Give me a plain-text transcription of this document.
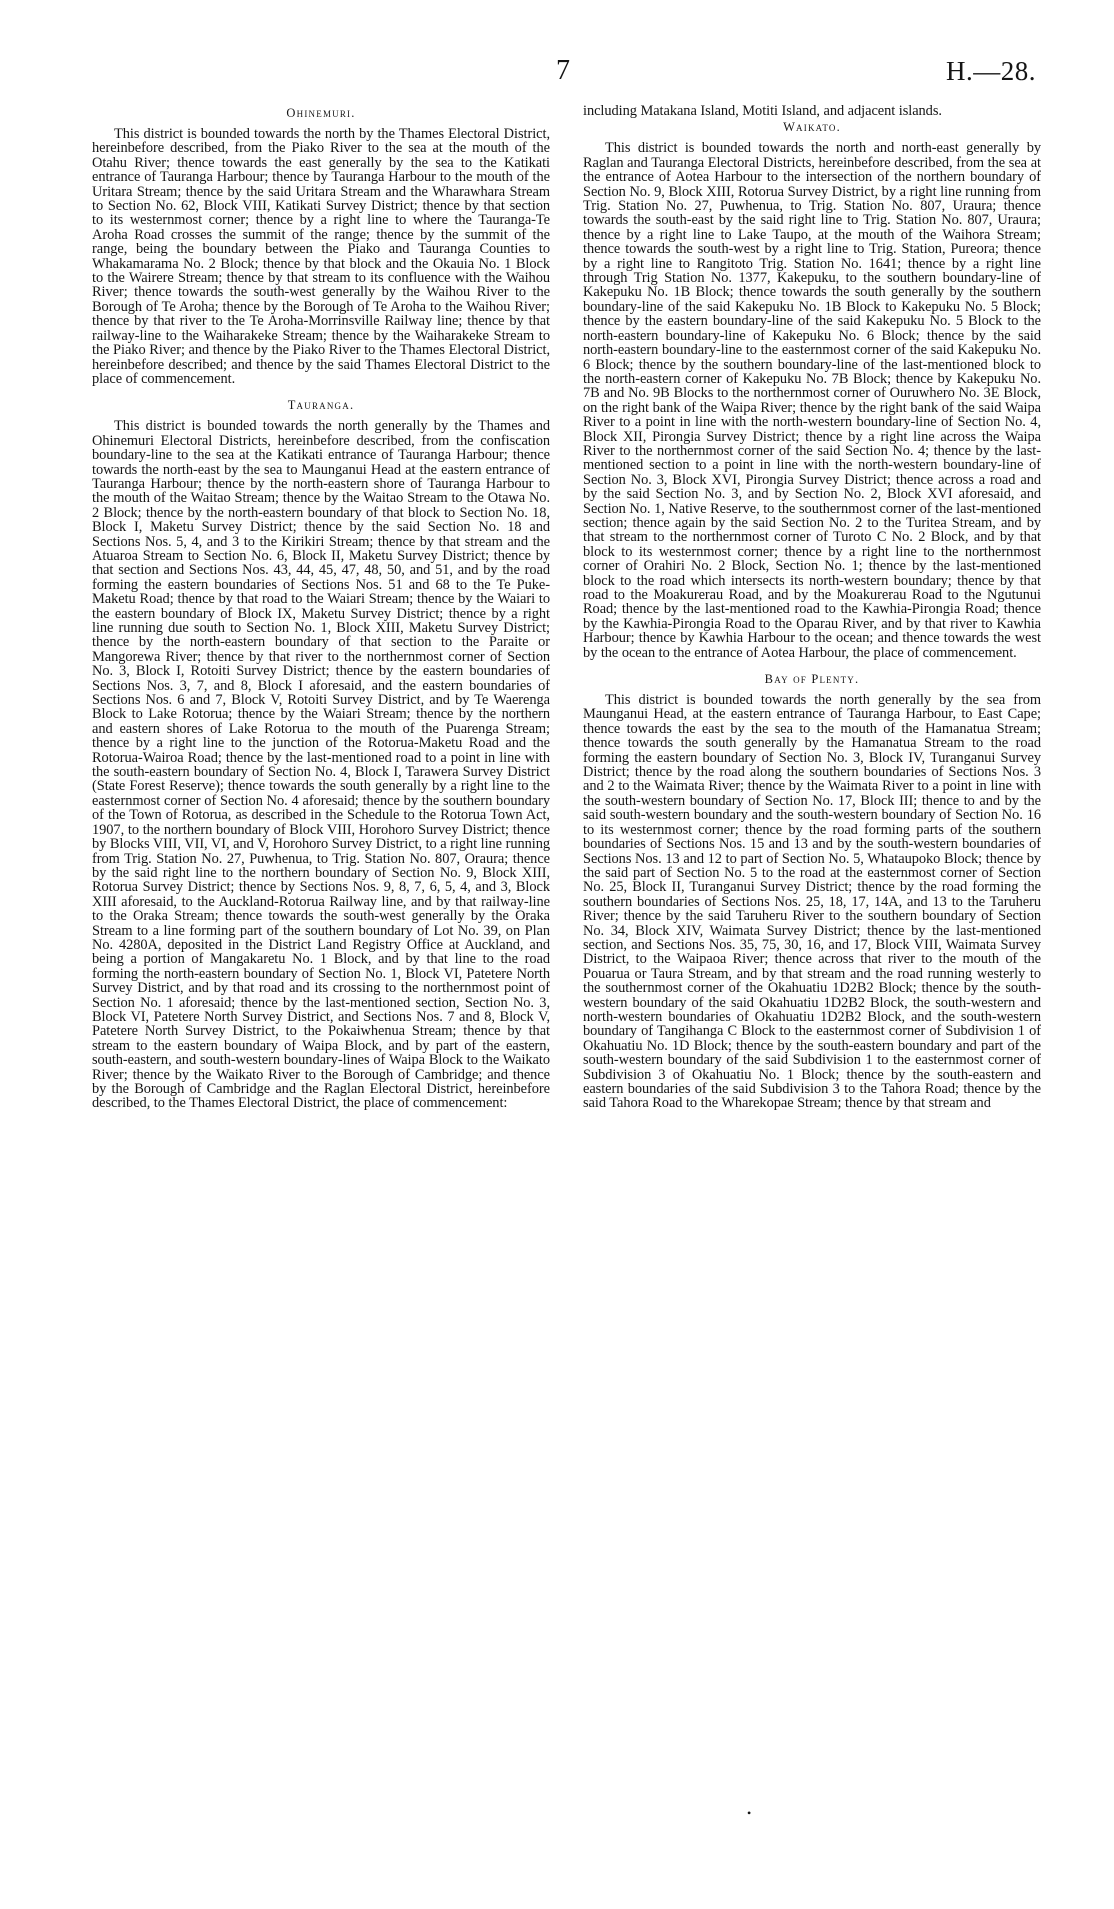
7	H.—28.
Ohinemuri.

This district is bounded towards the north by the Thames Electoral District, hereinbefore described, from the Piako River to the sea at the mouth of the Otahu River; thence towards the east generally by the sea to the Katikati entrance of Tauranga Harbour; thence by Tauranga Harbour to the mouth of the Uritara Stream; thence by the said Uritara Stream and the Wharawhara Stream to Section No. 62, Block VIII, Katikati Survey District; thence by that section to its westernmost corner; thence by a right line to where the Tauranga-Te Aroha Road crosses the summit of the range; thence by the summit of the range, being the boundary between the Piako and Tauranga Counties to Whakamarama No. 2 Block; thence by that block and the Okauia No. 1 Block to the Wairere Stream; thence by that stream to its confluence with the Waihou River; thence towards the south-west generally by the Waihou River to the Borough of Te Aroha; thence by the Borough of Te Aroha to the Waihou River; thence by that river to the Te Aroha-Morrinsville Railway line; thence by that railway-line to the Waiharakeke Stream; thence by the Waiharakeke Stream to the Piako River; and thence by the Piako River to the Thames Electoral District, hereinbefore described; and thence by the said Thames Electoral District to the place of commencement.

Tauranga.

This district is bounded towards the north generally by the Thames and Ohinemuri Electoral Districts, hereinbefore described, from the confiscation boundary-line to the sea at the Katikati entrance of Tauranga Harbour; thence towards the north-east by the sea to Maunganui Head at the eastern entrance of Tauranga Harbour; thence by the north-eastern shore of Tauranga Harbour to the mouth of the Waitao Stream; thence by the Waitao Stream to the Otawa No. 2 Block; thence by the north-eastern boundary of that block to Section No. 18, Block I, Maketu Survey District; thence by the said Section No. 18 and Sections Nos. 5, 4, and 3 to the Kirikiri Stream; thence by that stream and the Atuaroa Stream to Section No. 6, Block II, Maketu Survey District; thence by that section and Sections Nos. 43, 44, 45, 47, 48, 50, and 51, and by the road forming the eastern boundaries of Sections Nos. 51 and 68 to the Te Puke-Maketu Road; thence by that road to the Waiari Stream; thence by the Waiari to the eastern boundary of Block IX, Maketu Survey District; thence by a right line running due south to Section No. 1, Block XIII, Maketu Survey District; thence by the north-eastern boundary of that section to the Paraite or Mangorewa River; thence by that river to the northernmost corner of Section No. 3, Block I, Rotoiti Survey District; thence by the eastern boundaries of Sections Nos. 3, 7, and 8, Block I aforesaid, and the eastern boundaries of Sections Nos. 6 and 7, Block V, Rotoiti Survey District, and by Te Waerenga Block to Lake Rotorua; thence by the Waiari Stream; thence by the northern and eastern shores of Lake Rotorua to the mouth of the Puarenga Stream; thence by a right line to the junction of the Rotorua-Maketu Road and the Rotorua-Wairoa Road; thence by the last-mentioned road to a point in line with the south-eastern boundary of Section No. 4, Block I, Tarawera Survey District (State Forest Reserve); thence towards the south generally by a right line to the easternmost corner of Section No. 4 aforesaid; thence by the southern boundary of the Town of Rotorua, as described in the Schedule to the Rotorua Town Act, 1907, to the northern boundary of Block VIII, Horohoro Survey District; thence by Blocks VIII, VII, VI, and V, Horohoro Survey District, to a right line running from Trig. Station No. 27, Puwhenua, to Trig. Station No. 807, Oraura; thence by the said right line to the northern boundary of Section No. 9, Block XIII, Rotorua Survey District; thence by Sections Nos. 9, 8, 7, 6, 5, 4, and 3, Block XIII aforesaid, to the Auckland-Rotorua Railway line, and by that railway-line to the Oraka Stream; thence towards the south-west generally by the Oraka Stream to a line forming part of the southern boundary of Lot No. 39, on Plan No. 4280A, deposited in the District Land Registry Office at Auckland, and being a portion of Mangakaretu No. 1 Block, and by that line to the road forming the north-eastern boundary of Section No. 1, Block VI, Patetere North Survey District, and by that road and its crossing to the northernmost point of Section No. 1 aforesaid; thence by the last-mentioned section, Section No. 3, Block VI, Patetere North Survey District, and Sections Nos. 7 and 8, Block V, Patetere North Survey District, to the Pokaiwhenua Stream; thence by that stream to the eastern boundary of Waipa Block, and by part of the eastern, south-eastern, and south-western boundary-lines of Waipa Block to the Waikato River; thence by the Waikato River to the Borough of Cambridge; and thence by the Borough of Cambridge and the Raglan Electoral District, hereinbefore described, to the Thames Electoral District, the place of commencement:

including Matakana Island, Motiti Island, and adjacent islands.

Waikato.

This district is bounded towards the north and north-east generally by Raglan and Tauranga Electoral Districts, hereinbefore described, from the sea at the entrance of Aotea Harbour to the intersection of the northern boundary of Section No. 9, Block XIII, Rotorua Survey District, by a right line running from Trig. Station No. 27, Puwhenua, to Trig. Station No. 807, Uraura; thence towards the south-east by the said right line to Trig. Station No. 807, Uraura; thence by a right line to Lake Taupo, at the mouth of the Waihora Stream; thence towards the south-west by a right line to Trig. Station, Pureora; thence by a right line to Rangitoto Trig. Station No. 1641; thence by a right line through Trig Station No. 1377, Kakepuku, to the southern boundary-line of Kakepuku No. 1B Block; thence towards the south generally by the southern boundary-line of the said Kakepuku No. 1B Block to Kakepuku No. 5 Block; thence by the eastern boundary-line of the said Kakepuku No. 5 Block to the north-eastern boundary-line of Kakepuku No. 6 Block; thence by the said north-eastern boundary-line to the easternmost corner of the said Kakepuku No. 6 Block; thence by the southern boundary-line of the last-mentioned block to the north-eastern corner of Kakepuku No. 7B Block; thence by Kakepuku No. 7B and No. 9B Blocks to the northernmost corner of Ouruwhero No. 3E Block, on the right bank of the Waipa River; thence by the right bank of the said Waipa River to a point in line with the north-western boundary-line of Section No. 4, Block XII, Pirongia Survey District; thence by a right line across the Waipa River to the northernmost corner of the said Section No. 4; thence by the last-mentioned section to a point in line with the north-western boundary-line of Section No. 3, Block XVI, Pirongia Survey District; thence across a road and by the said Section No. 3, and by Section No. 2, Block XVI aforesaid, and Section No. 1, Native Reserve, to the southernmost corner of the last-mentioned section; thence again by the said Section No. 2 to the Turitea Stream, and by that stream to the northernmost corner of Turoto C No. 2 Block, and by that block to its westernmost corner; thence by a right line to the northernmost corner of Orahiri No. 2 Block, Section No. 1; thence by the last-mentioned block to the road which intersects its north-western boundary; thence by that road to the Moakurerau Road, and by the Moakurerau Road to the Ngutunui Road; thence by the last-mentioned road to the Kawhia-Pirongia Road; thence by the Kawhia-Pirongia Road to the Oparau River, and by that river to Kawhia Harbour; thence by Kawhia Harbour to the ocean; and thence towards the west by the ocean to the entrance of Aotea Harbour, the place of commencement.

Bay of Plenty.

This district is bounded towards the north generally by the sea from Maunganui Head, at the eastern entrance of Tauranga Harbour, to East Cape; thence towards the east by the sea to the mouth of the Hamanatua Stream; thence towards the south generally by the Hamanatua Stream to the road forming the eastern boundary of Section No. 3, Block IV, Turanganui Survey District; thence by the road along the southern boundaries of Sections Nos. 3 and 2 to the Waimata River; thence by the Waimata River to a point in line with the south-western boundary of Section No. 17, Block III; thence to and by the said south-western boundary and the south-western boundary of Section No. 16 to its westernmost corner; thence by the road forming parts of the southern boundaries of Sections Nos. 15 and 13 and by the south-western boundaries of Sections Nos. 13 and 12 to part of Section No. 5, Whataupoko Block; thence by the said part of Section No. 5 to the road at the easternmost corner of Section No. 25, Block II, Turanganui Survey District; thence by the road forming the southern boundaries of Sections Nos. 25, 18, 17, 14A, and 13 to the Taruheru River; thence by the said Taruheru River to the southern boundary of Section No. 34, Block XIV, Waimata Survey District; thence by the last-mentioned section, and Sections Nos. 35, 75, 30, 16, and 17, Block VIII, Waimata Survey District, to the Waipaoa River; thence across that river to the mouth of the Pouarua or Taura Stream, and by that stream and the road running westerly to the southernmost corner of the Okahuatiu 1D2B2 Block; thence by the south-western boundary of the said Okahuatiu 1D2B2 Block, the south-western and north-western boundaries of Okahuatiu 1D2B2 Block, and the south-western boundary of Tangihanga C Block to the easternmost corner of Subdivision 1 of Okahuatiu No. 1D Block; thence by the south-eastern boundary and part of the south-western boundary of the said Subdivision 1 to the easternmost corner of Subdivision 3 of Okahuatiu No. 1 Block; thence by the south-eastern and eastern boundaries of the said Subdivision 3 to the Tahora Road; thence by the said Tahora Road to the Wharekopae Stream; thence by that stream and

•
